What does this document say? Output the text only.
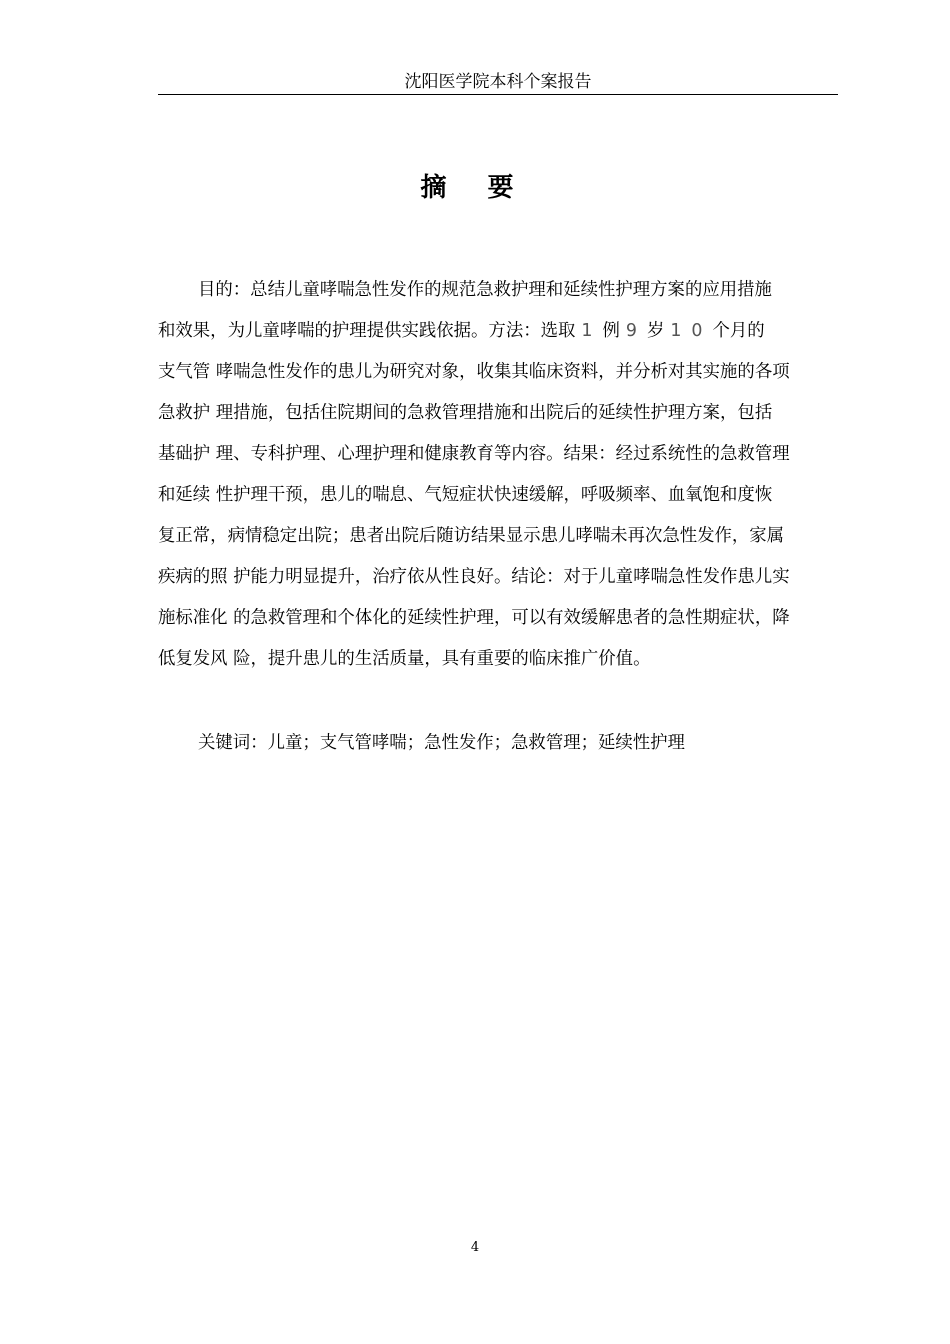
沈阳医学院本科个案报告
摘 要
目的：总结儿童哮喘急性发作的规范急救护理和延续性护理方案的应用措施
和效果，为儿童哮喘的护理提供实践依据。方法：选取 1例 9岁 10个月的
支气管 哮喘急性发作的患儿为研究对象，收集其临床资料，并分析对其实施的各项
急救护 理措施，包括住院期间的急救管理措施和出院后的延续性护理方案，包括
基础护 理、专科护理、心理护理和健康教育等内容。结果：经过系统性的急救管理
和延续 性护理干预，患儿的喘息、气短症状快速缓解，呼吸频率、血氧饱和度恢
复正常，病情稳定出院；患者出院后随访结果显示患儿哮喘未再次急性发作，家属
疾病的照 护能力明显提升，治疗依从性良好。结论：对于儿童哮喘急性发作患儿实
施标准化 的急救管理和个体化的延续性护理，可以有效缓解患者的急性期症状，降
低复发风 险，提升患儿的生活质量，具有重要的临床推广价值。
关键词：儿童；支气管哮喘；急性发作；急救管理；延续性护理
4
